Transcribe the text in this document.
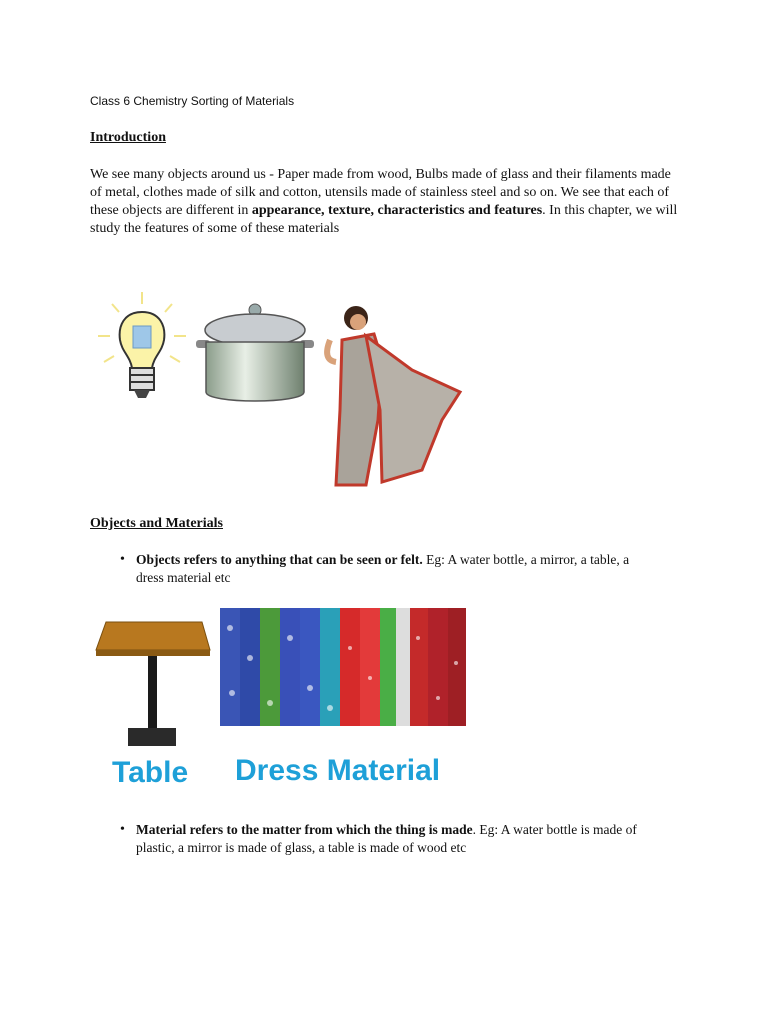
Class 6 Chemistry Sorting of Materials
Introduction

We see many objects around us - Paper made from wood, Bulbs made of glass and their filaments made of metal, clothes made of silk and cotton, utensils made of stainless steel and so on. We see that each of these objects are different in appearance, texture, characteristics and features. In this chapter, we will study the features of some of these materials

Objects and Materials
• Objects refers to anything that can be seen or felt. Eg: A water bottle, a mirror, a table, a dress material etc
Table Dress Material
• Material refers to the matter from which the thing is made. Eg: A water bottle is made of plastic, a mirror is made of glass, a table is made of wood etc
